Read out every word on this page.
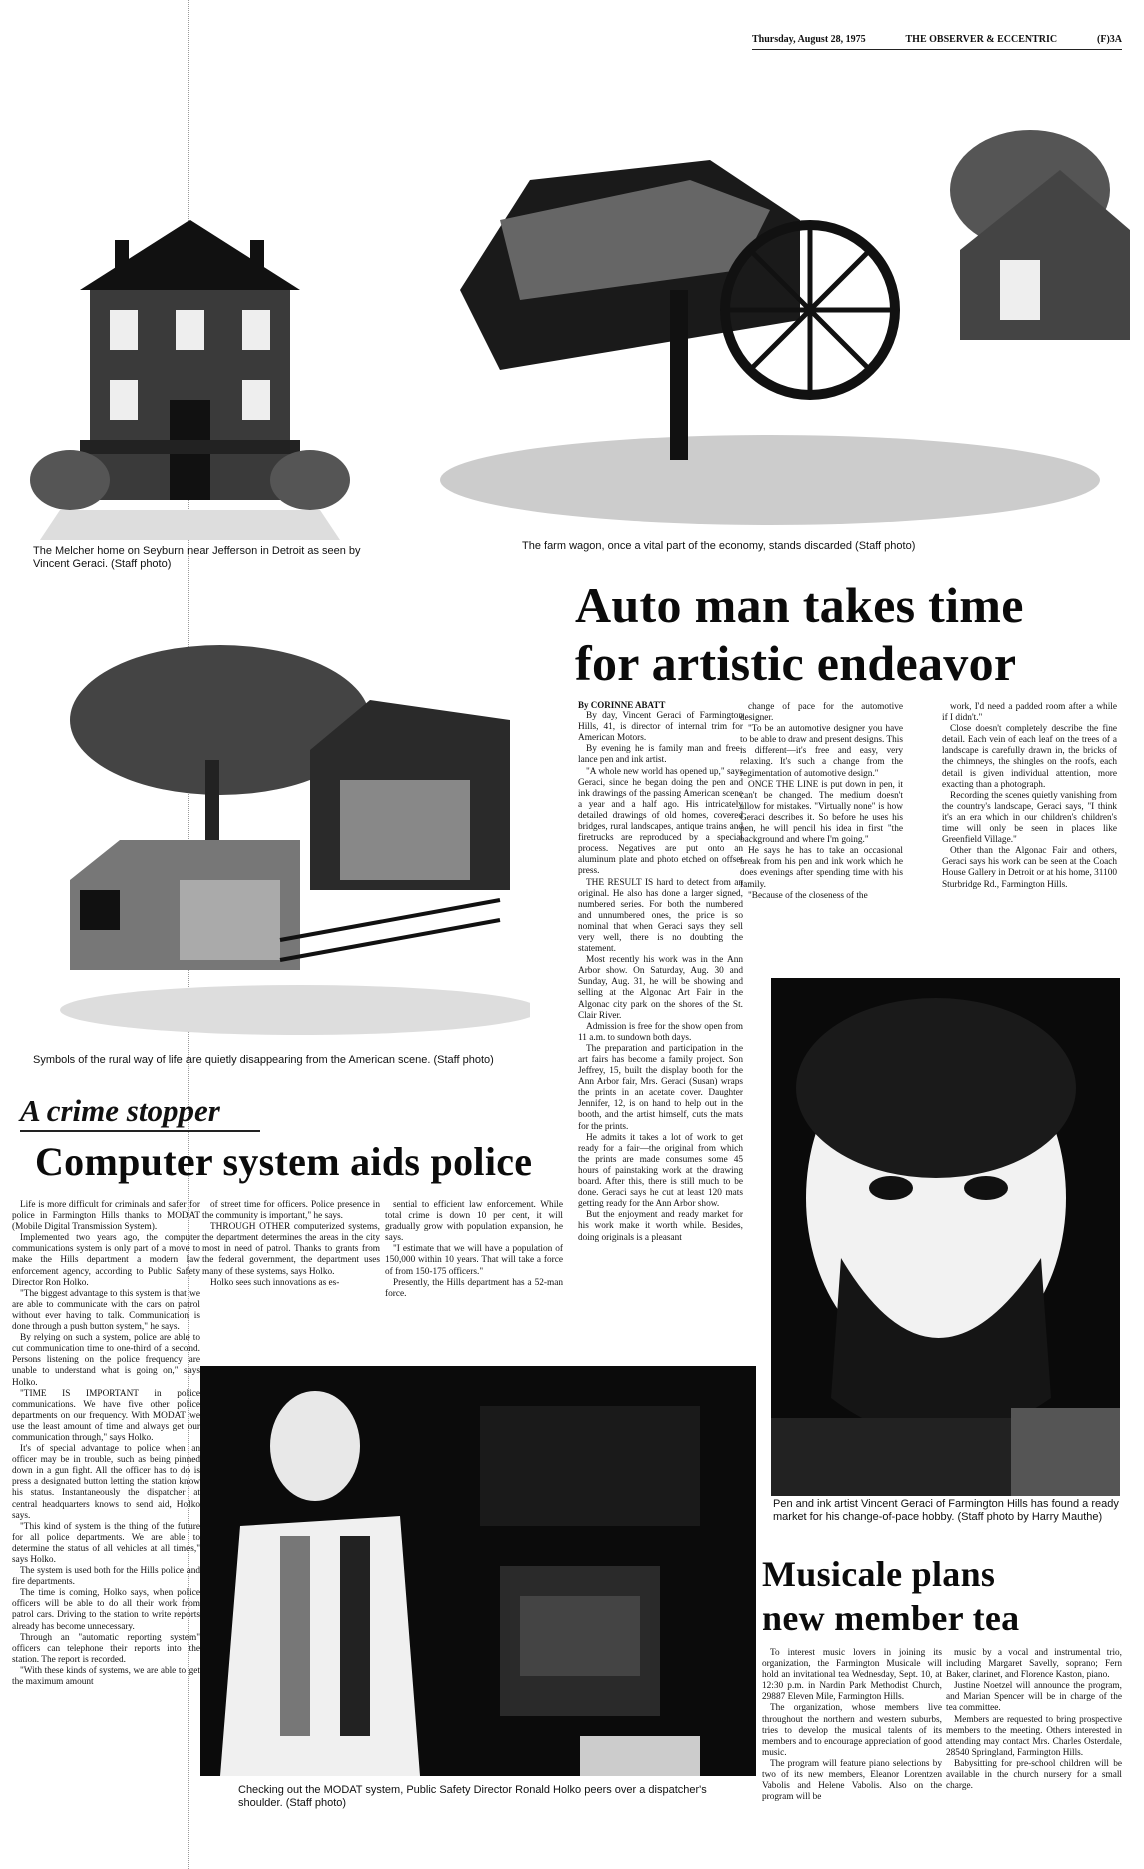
Thursday, August 28, 1975	THE OBSERVER & ECCENTRIC	(F)3A
The Melcher home on Seyburn near Jefferson in Detroit as seen by Vincent Geraci. (Staff photo)
The farm wagon, once a vital part of the economy, stands discarded (Staff photo)
Auto man takes time
for artistic endeavor
Symbols of the rural way of life are quietly disappearing from the American scene. (Staff photo)

By CORINNE ABATT

By day, Vincent Geraci of Farmington Hills, 41, is director of internal trim for American Motors.

By evening he is family man and free-lance pen and ink artist.

"A whole new world has opened up," says Geraci, since he began doing the pen and ink drawings of the passing American scene a year and a half ago. His intricately detailed drawings of old homes, covered bridges, rural landscapes, antique trains and firetrucks are reproduced by a special process. Negatives are put onto an aluminum plate and photo etched on offset press.

THE RESULT IS hard to detect from an original. He also has done a larger signed, numbered series. For both the numbered and unnumbered ones, the price is so nominal that when Geraci says they sell very well, there is no doubting the statement.

Most recently his work was in the Ann Arbor show. On Saturday, Aug. 30 and Sunday, Aug. 31, he will be showing and selling at the Algonac Art Fair in the Algonac city park on the shores of the St. Clair River.

Admission is free for the show open from 11 a.m. to sundown both days.

The preparation and participation in the art fairs has become a family project. Son Jeffrey, 15, built the display booth for the Ann Arbor fair, Mrs. Geraci (Susan) wraps the prints in an acetate cover. Daughter Jennifer, 12, is on hand to help out in the booth, and the artist himself, cuts the mats for the prints.

He admits it takes a lot of work to get ready for a fair—the original from which the prints are made consumes some 45 hours of painstaking work at the drawing board. After this, there is still much to be done. Geraci says he cut at least 120 mats getting ready for the Ann Arbor show.

But the enjoyment and ready market for his work make it worth while. Besides, doing originals is a pleasant

change of pace for the automotive designer.

"To be an automotive designer you have to be able to draw and present designs. This is different—it's free and easy, very relaxing. It's such a change from the regimentation of automotive design."

ONCE THE LINE is put down in pen, it can't be changed. The medium doesn't allow for mistakes. "Virtually none" is how Geraci describes it. So before he uses his pen, he will pencil his idea in first "the background and where I'm going."

He says he has to take an occasional break from his pen and ink work which he does evenings after spending time with his family.

"Because of the closeness of the

work, I'd need a padded room after a while if I didn't."

Close doesn't completely describe the fine detail. Each vein of each leaf on the trees of a landscape is carefully drawn in, the bricks of the chimneys, the shingles on the roofs, each detail is given individual attention, more exacting than a photograph.

Recording the scenes quietly vanishing from the country's landscape, Geraci says, "I think it's an era which in our children's children's time will only be seen in places like Greenfield Village."

Other than the Algonac Fair and others, Geraci says his work can be seen at the Coach House Gallery in Detroit or at his home, 31100 Sturbridge Rd., Farmington Hills.

Pen and ink artist Vincent Geraci of Farmington Hills has found a ready market for his change-of-pace hobby. (Staff photo by Harry Mauthe)
Musicale plans
new member tea

To interest music lovers in joining its organization, the Farmington Musicale will hold an invitational tea Wednesday, Sept. 10, at 12:30 p.m. in Nardin Park Methodist Church, 29887 Eleven Mile, Farmington Hills.

The organization, whose members live throughout the northern and western suburbs, tries to develop the musical talents of its members and to encourage appreciation of good music.

The program will feature piano selections by two of its new members, Eleanor Lorentzen Vabolis and Helene Vabolis. Also on the program will be

music by a vocal and instrumental trio, including Margaret Savelly, soprano; Fern Baker, clarinet, and Florence Kaston, piano.

Justine Noetzel will announce the program, and Marian Spencer will be in charge of the tea committee.

Members are requested to bring prospective members to the meeting. Others interested in attending may contact Mrs. Charles Osterdale, 28540 Springland, Farmington Hills.

Babysitting for pre-school children will be available in the church nursery for a small charge.

A crime stopper
Computer system aids police

Life is more difficult for criminals and safer for police in Farmington Hills thanks to MODAT (Mobile Digital Transmission System).

Implemented two years ago, the computer communications system is only part of a move to make the Hills department a modern law enforcement agency, according to Public Safety Director Ron Holko.

"The biggest advantage to this system is that we are able to communicate with the cars on patrol without ever having to talk. Communication is done through a push button system," he says.

By relying on such a system, police are able to cut communication time to one-third of a second. Persons listening on the police frequency are unable to understand what is going on," says Holko.

"TIME IS IMPORTANT in police communications. We have five other police departments on our frequency. With MODAT we use the least amount of time and always get our communication through," says Holko.

It's of special advantage to police when an officer may be in trouble, such as being pinned down in a gun fight. All the officer has to do is press a designated button letting the station know his status. Instantaneously the dispatcher at central headquarters knows to send aid, Holko says.

"This kind of system is the thing of the future for all police departments. We are able to determine the status of all vehicles at all times," says Holko.

The system is used both for the Hills police and fire departments.

The time is coming, Holko says, when police officers will be able to do all their work from patrol cars. Driving to the station to write reports already has become unnecessary.

Through an "automatic reporting system" officers can telephone their reports into the station. The report is recorded.

"With these kinds of systems, we are able to get the maximum amount

of street time for officers. Police presence in the community is important," he says.

THROUGH OTHER computerized systems, the department determines the areas in the city most in need of patrol. Thanks to grants from the federal government, the department uses many of these systems, says Holko.

Holko sees such innovations as es-

sential to efficient law enforcement. While total crime is down 10 per cent, it will gradually grow with population expansion, he says.

"I estimate that we will have a population of 150,000 within 10 years. That will take a force of from 150-175 officers."

Presently, the Hills department has a 52-man force.

Checking out the MODAT system, Public Safety Director Ronald Holko peers over a dispatcher's shoulder. (Staff photo)
